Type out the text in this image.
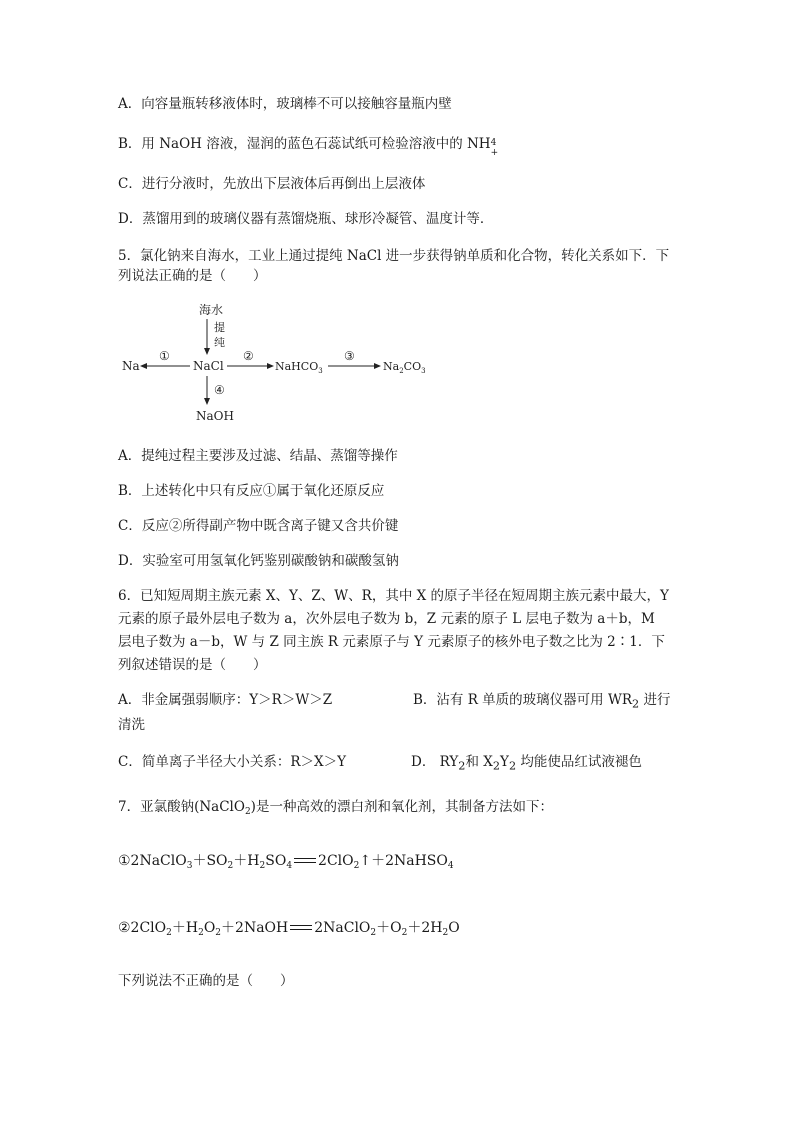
A．向容量瓶转移液体时，玻璃棒不可以接触容量瓶内壁
B．用 NaOH 溶液，湿润的蓝色石蕊试纸可检验溶液中的 NH
+
4
C．进行分液时，先放出下层液体后再倒出上层液体
D．蒸馏用到的玻璃仪器有蒸馏烧瓶、球形冷凝管、温度计等．
5．氯化钠来自海水，工业上通过提纯 NaCl 进一步获得钠单质和化合物，转化关系如下．下
列说法正确的是（　　）
海水
提
纯
Na
①
NaCl
②
NaHCO$_3$
③
$Na_2CO_3$
④
NaOH
A．提纯过程主要涉及过滤、结晶、蒸馏等操作
B．上述转化中只有反应①属于氧化还原反应
C．反应②所得副产物中既含离子键又含共价键
D．实验室可用氢氧化钙鉴别碳酸钠和碳酸氢钠
6．已知短周期主族元素 X、Y、Z、W、R，其中 X 的原子半径在短周期主族元素中最大，Y
元素的原子最外层电子数为 a，次外层电子数为 b，Z 元素的原子 L 层电子数为 a＋b，M
层电子数为 a－b，W 与 Z 同主族 R 元素原子与 Y 元素原子的核外电子数之比为 2∶1．下
列叙述错误的是（　　）
A．非金属强弱顺序：Y＞R＞W＞Z	B．沾有 R 单质的玻璃仪器可用 $WR_2$ 进行
清洗
C．简单离子半径大小关系：R＞X＞Y	D． $RY_2$和 $X_2Y_2$ 均能使品红试液褪色
7．亚氯酸钠(NaClO$_2$)是一种高效的漂白剂和氧化剂，其制备方法如下：
$①2NaClO_3+SO_2+H_2SO_4$ 2ClO$_2$↑＋2NaHSO$_4$
$②2ClO_2+H_2O_2+2NaOH$ $2NaClO_2+O_2+2H_2O$
下列说法不正确的是（　　）
